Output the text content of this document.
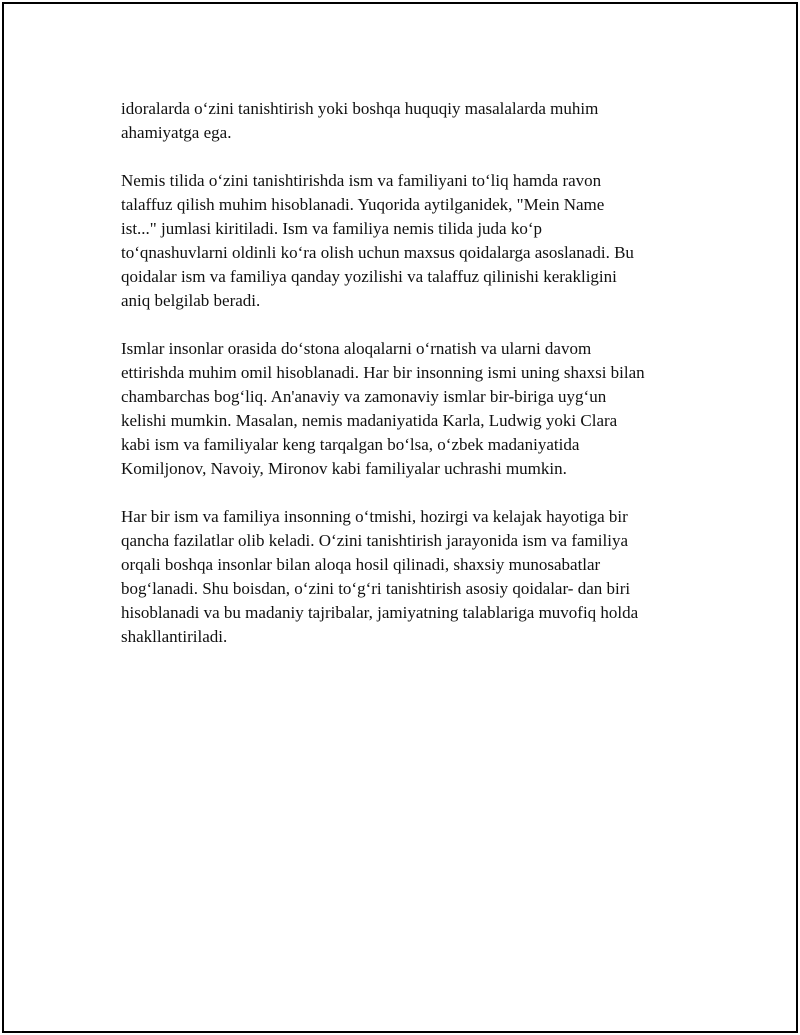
idoralarda o‘zini tanishtirish yoki boshqa huquqiy masalalarda muhim
ahamiyatga ega.

Nemis tilida o‘zini tanishtirishda ism va familiyani to‘liq hamda ravon
talaffuz qilish muhim hisoblanadi. Yuqorida aytilganidek, "Mein Name
ist..." jumlasi kiritiladi. Ism va familiya nemis tilida juda ko‘p
to‘qnashuvlarni oldinli ko‘ra olish uchun maxsus qoidalarga asoslanadi. Bu
qoidalar ism va familiya qanday yozilishi va talaffuz qilinishi kerakligini
aniq belgilab beradi.

Ismlar insonlar orasida do‘stona aloqalarni o‘rnatish va ularni davom
ettirishda muhim omil hisoblanadi. Har bir insonning ismi uning shaxsi bilan
chambarchas bog‘liq. An'anaviy va zamonaviy ismlar bir-biriga uyg‘un
kelishi mumkin. Masalan, nemis madaniyatida Karla, Ludwig yoki Clara
kabi ism va familiyalar keng tarqalgan bo‘lsa, o‘zbek madaniyatida
Komiljonov, Navoiy, Mironov kabi familiyalar uchrashi mumkin.

Har bir ism va familiya insonning o‘tmishi, hozirgi va kelajak hayotiga bir
qancha fazilatlar olib keladi. O‘zini tanishtirish jarayonida ism va familiya
orqali boshqa insonlar bilan aloqa hosil qilinadi, shaxsiy munosabatlar
bog‘lanadi. Shu boisdan, o‘zini to‘g‘ri tanishtirish asosiy qoidalar- dan biri
hisoblanadi va bu madaniy tajribalar, jamiyatning talablariga muvofiq holda
shakllantiriladi.
